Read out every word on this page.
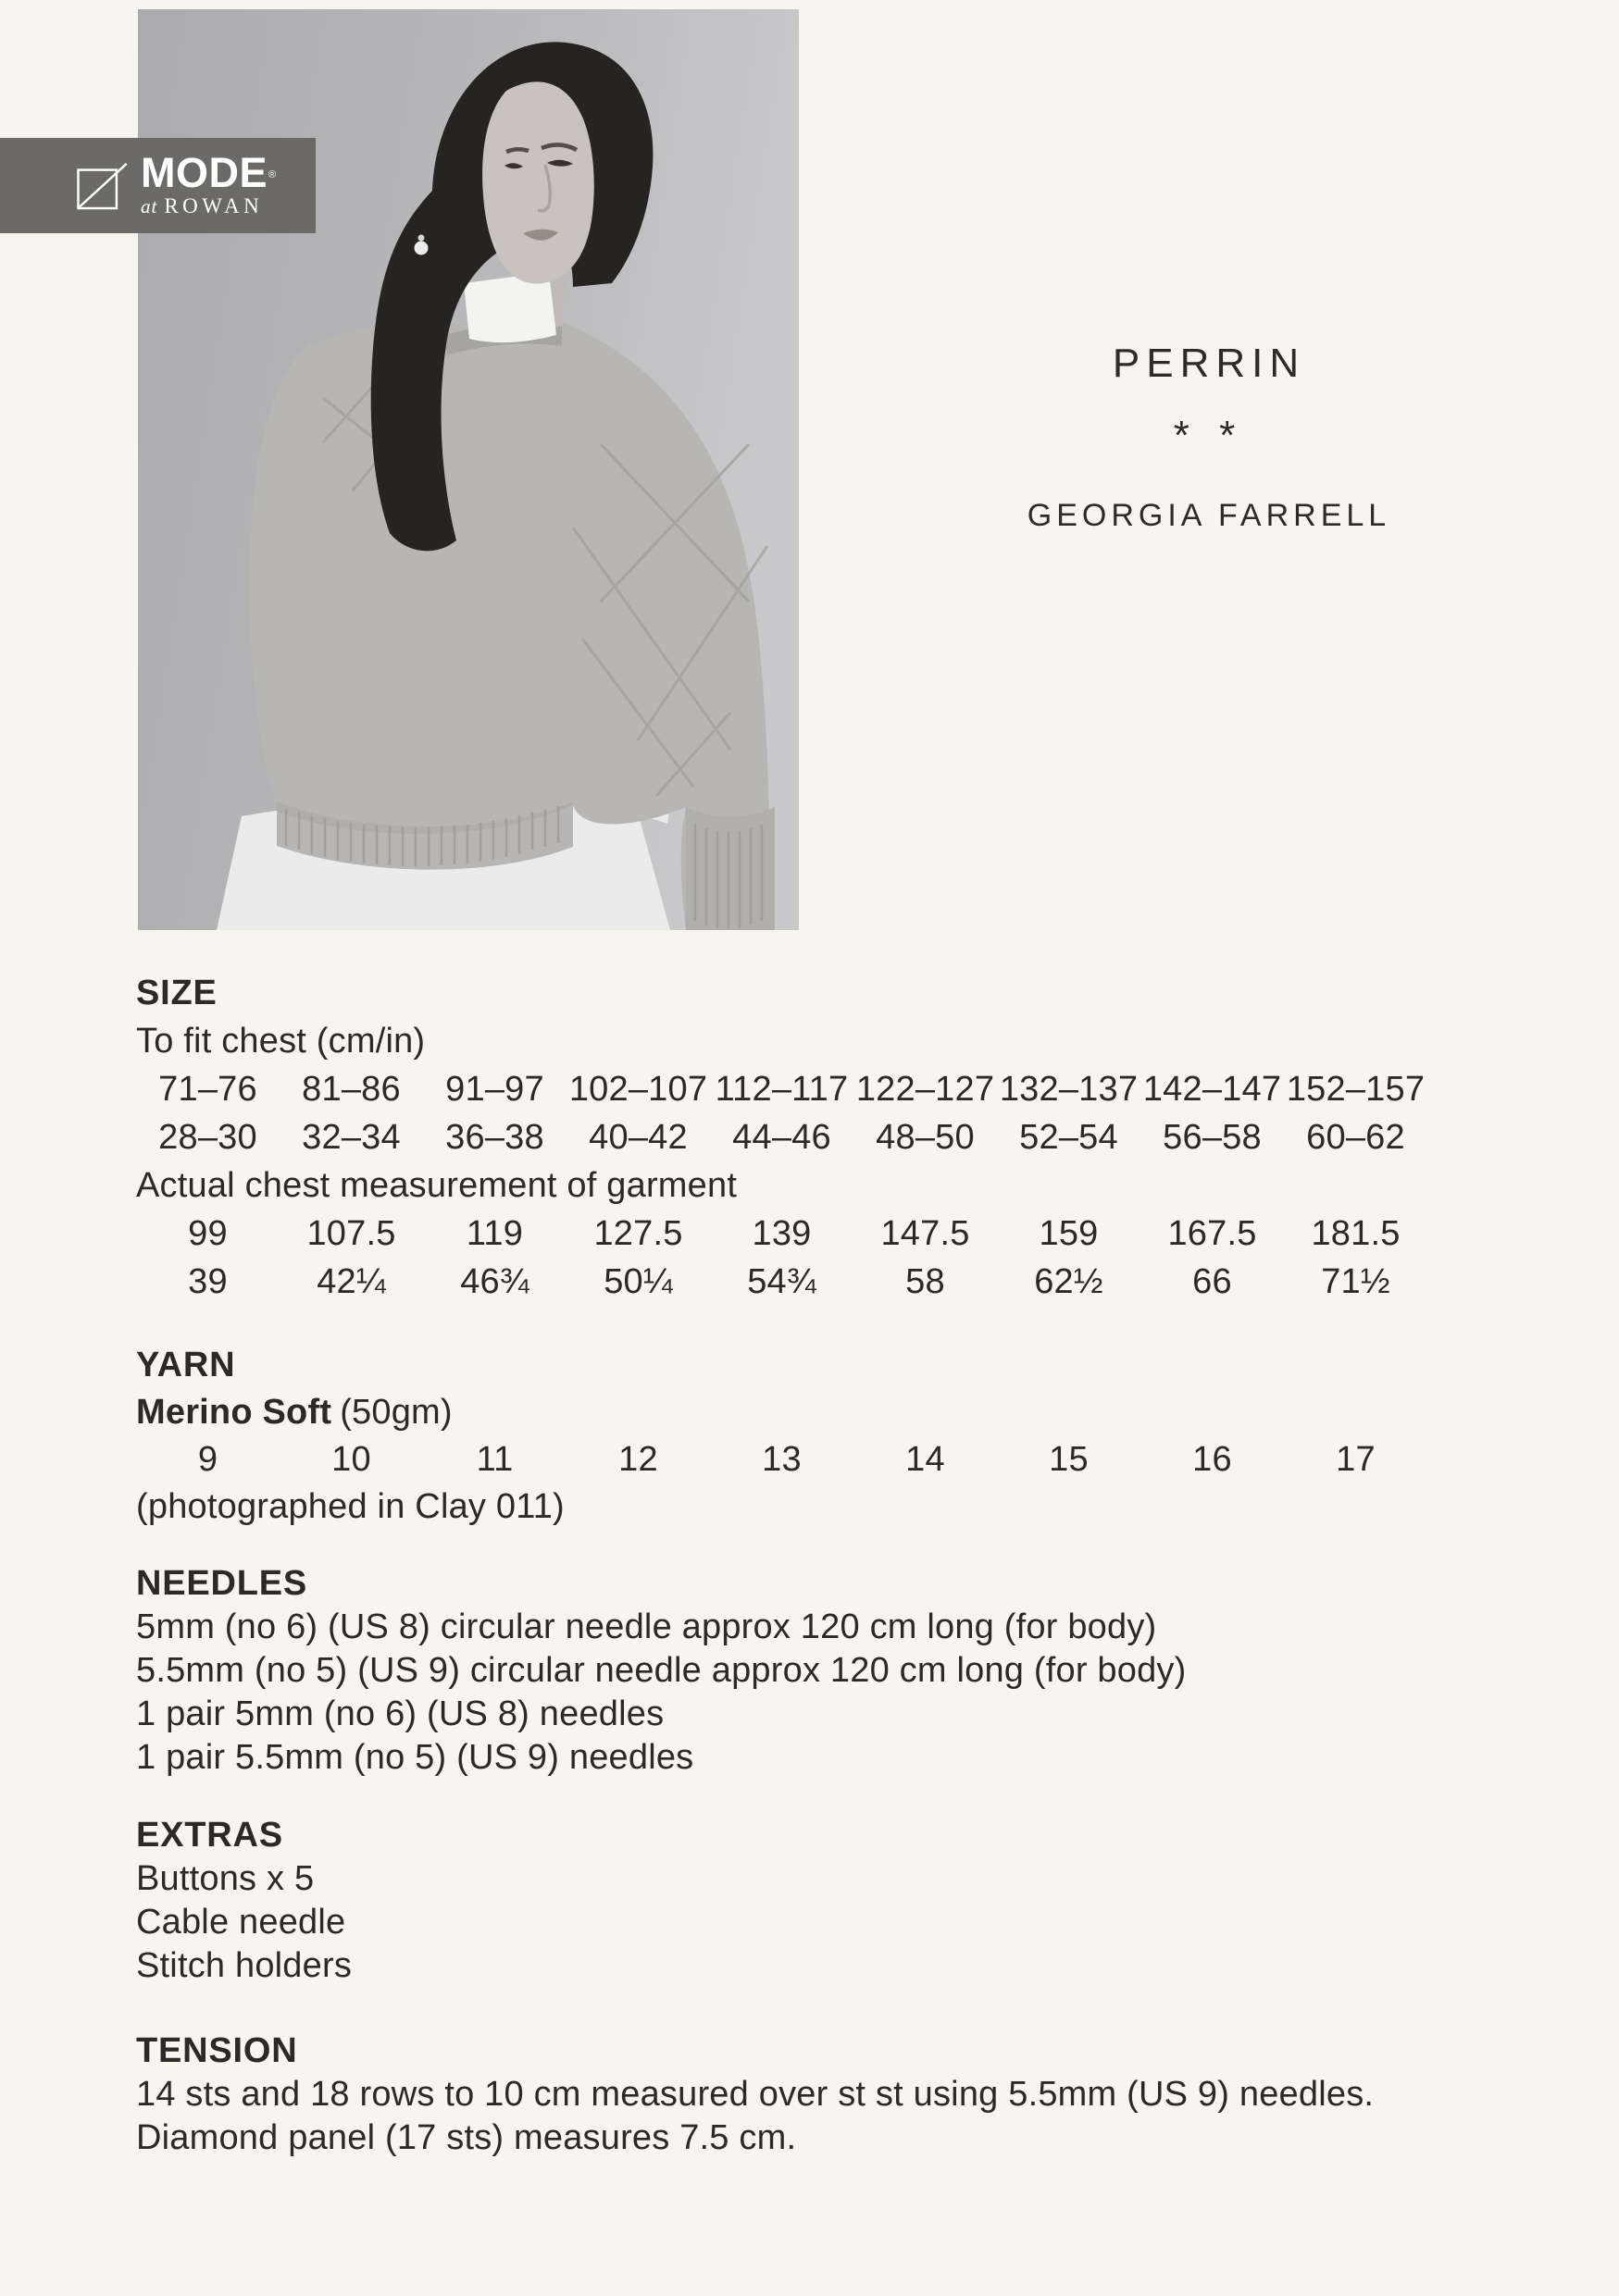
MODE®
at ROWAN
PERRIN
* *
GEORGIA FARRELL
SIZE
To fit chest (cm/in)
71–76	81–86	91–97 102–107 112–117 122–127 132–137 142–147 152–157
28–30	32–34	36–38	40–42	44–46	48–50	52–54	56–58	60–62
Actual chest measurement of garment
99	107.5	119	127.5	139	147.5	159	167.5	181.5
39	42¼	46¾	50¼	54¾	58	62½	66	71½
YARN
Merino Soft (50gm)
9	10	11	12	13	14	15	16	17
(photographed in Clay 011)
NEEDLES
5mm (no 6) (US 8) circular needle approx 120 cm long (for body)
5.5mm (no 5) (US 9) circular needle approx 120 cm long (for body)
1 pair 5mm (no 6) (US 8) needles
1 pair 5.5mm (no 5) (US 9) needles
EXTRAS
Buttons x 5
Cable needle
Stitch holders
TENSION
14 sts and 18 rows to 10 cm measured over st st using 5.5mm (US 9) needles.
Diamond panel (17 sts) measures 7.5 cm.
